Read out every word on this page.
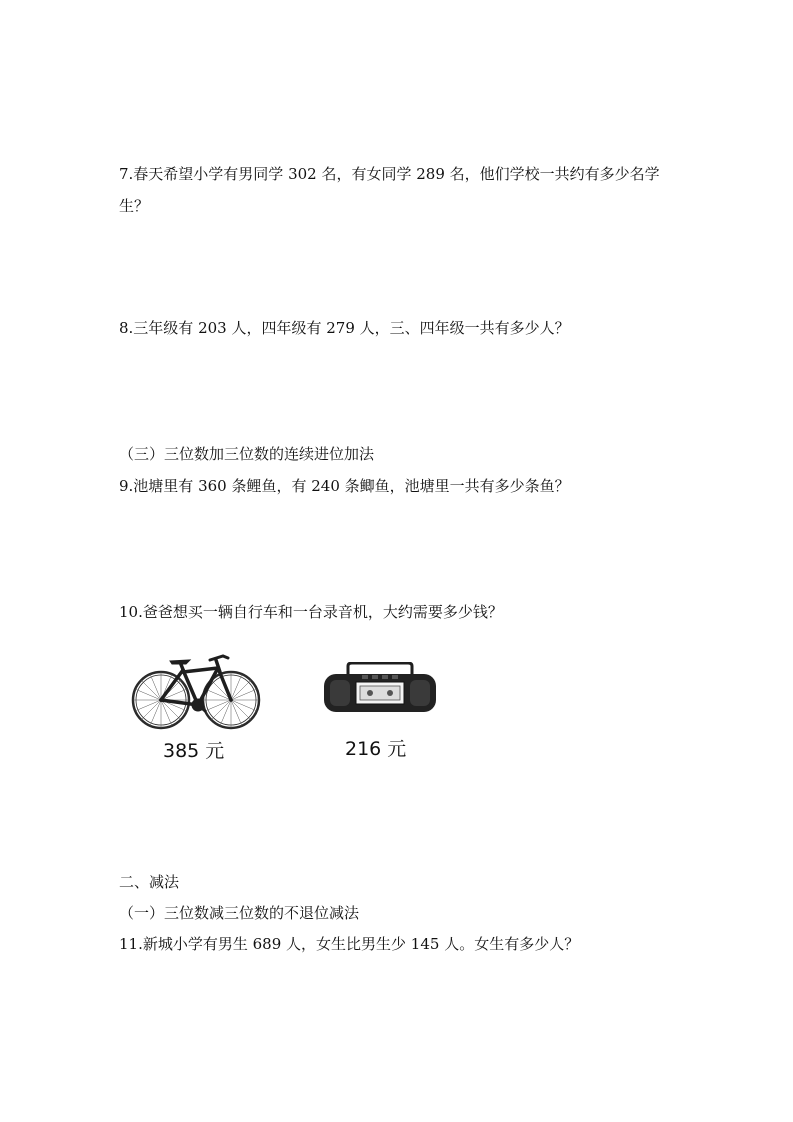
7.春天希望小学有男同学 302 名，有女同学 289 名，他们学校一共约有多少名学

生？

8.三年级有 203 人，四年级有 279 人，三、四年级一共有多少人？

（三）三位数加三位数的连续进位加法

9.池塘里有 360 条鲤鱼，有 240 条鲫鱼，池塘里一共有多少条鱼？

10.爸爸想买一辆自行车和一台录音机，大约需要多少钱？

385 元	216 元

二、减法

（一）三位数减三位数的不退位减法

11.新城小学有男生 689 人，女生比男生少 145 人。女生有多少人？
